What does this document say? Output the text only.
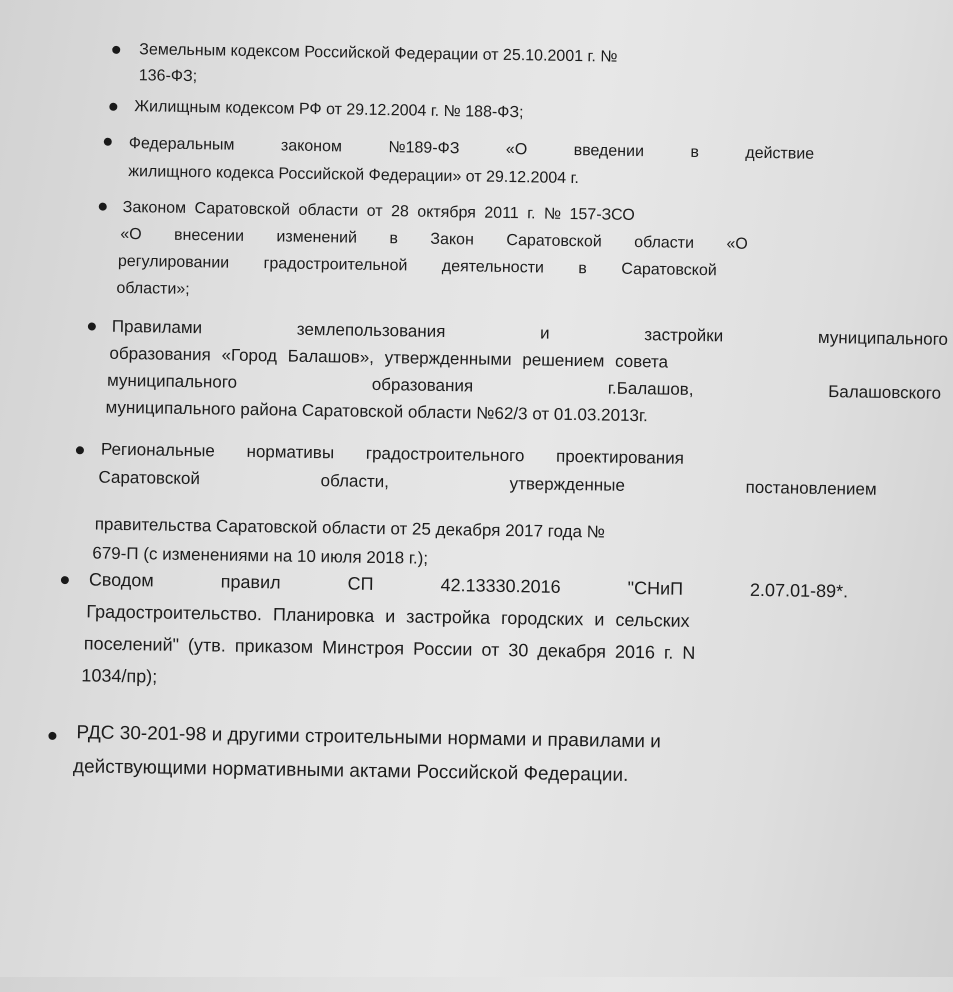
Земельным кодексом Российской Федерации от 25.10.2001 г. №
136-ФЗ;
Жилищным кодексом РФ от 29.12.2004 г. № 188-ФЗ;
Федеральным законом №189-ФЗ «О введении в действие
жилищного кодекса Российской Федерации» от 29.12.2004 г.
Законом Саратовской области от 28 октября 2011 г. № 157-ЗСО
«О внесении изменений в Закон Саратовской области «О
регулировании градостроительной деятельности в Саратовской
области»;
Правилами землепользования и застройки муниципального
образования «Город Балашов», утвержденными решением совета
муниципального образования г.Балашов, Балашовского
муниципального района Саратовской области №62/3 от 01.03.2013г.
Региональные нормативы градостроительного проектирования
Саратовской области, утвержденные постановлением
правительства Саратовской области от 25 декабря 2017 года №
679-П (с изменениями на 10 июля 2018 г.);
Сводом правил СП 42.13330.2016 "СНиП 2.07.01-89*.
Градостроительство. Планировка и застройка городских и сельских
поселений" (утв. приказом Минстроя России от 30 декабря 2016 г. N
1034/пр);
РДС 30-201-98 и другими строительными нормами и правилами и
действующими нормативными актами Российской Федерации.
